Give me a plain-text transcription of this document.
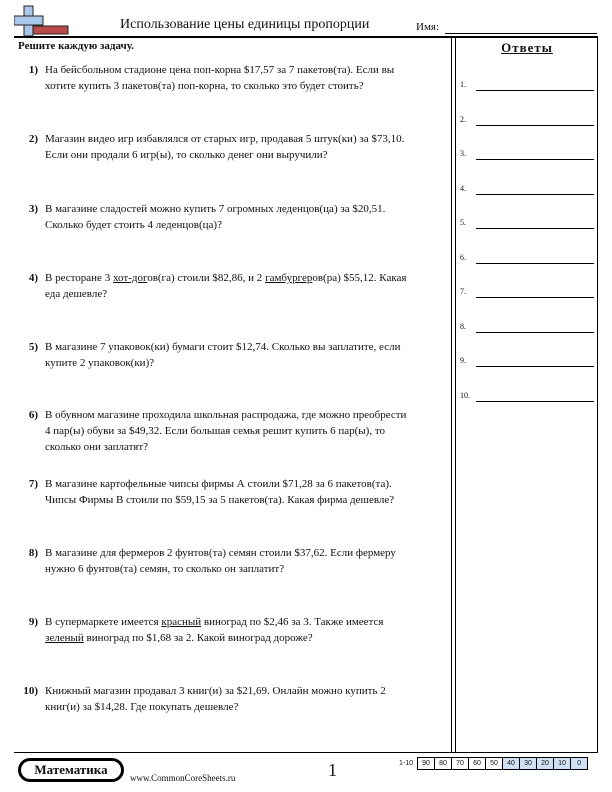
Использование цены единицы пропорции	Имя:
Решите каждую задачу.
1) На бейсбольном стадионе цена поп-корна $17,57 за 7 пакетов(та). Если вы
хотите купить 3 пакетов(та) поп-корна, то сколько это будет стоить?
2) Магазин видео игр избавлялся от старых игр, продавая 5 штук(ки) за $73,10.
Если они продали 6 игр(ы), то сколько денег они выручили?
3) В магазине сладостей можно купить 7 огромных леденцов(ца) за $20,51.
Сколько будет стоить 4 леденцов(ца)?
4) В ресторане 3 хот-догов(га) стоили $82,86, и 2 гамбургеров(ра) $55,12. Какая
еда дешевле?
5) В магазине 7 упаковок(ки) бумаги стоит $12,74. Сколько вы заплатите, если
купите 2 упаковок(ки)?
6) В обувном магазине проходила школьная распродажа, где можно преобрести
4 пар(ы) обуви за $49,32. Если большая семья решит купить 6 пар(ы), то
сколько они заплатят?
7) В магазине картофельные чипсы фирмы А стоили $71,28 за 6 пакетов(та).
Чипсы Фирмы В стоили по $59,15 за 5 пакетов(та). Какая фирма дешевле?
8) В магазине для фермеров 2 фунтов(та) семян стоили $37,62. Если фермеру
нужно 6 фунтов(та) семян, то сколько он заплатит?
9) В супермаркете имеется красный виноград по $2,46 за 3. Также имеется
зеленый виноград по $1,68 за 2. Какой виноград дороже?
10) Книжный магазин продавал 3 книг(и) за $21,69. Онлайн можно купить 2
книг(и) за $14,28. Где покупать дешевле?
Ответы
1.
2.
3.
4.
5.
6.
7.
8.
9.
10.
Математика
www.CommonCoreSheets.ru	1	1-10	90	80	70	60	50	40	30	20	10	0
